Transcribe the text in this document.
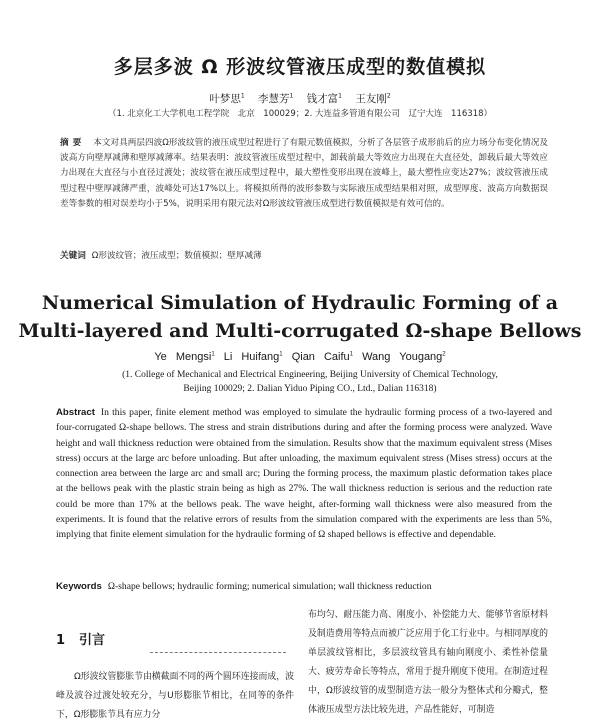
多层多波 Ω 形波纹管液压成型的数值模拟
叶梦思$^1$ 李慧芳$^1$ 钱才富$^1$ 王友刚$^2$
（1. 北京化工大学机电工程学院　北京　100029；2. 大连益多管道有限公司　辽宁大连　116318）
摘要 本文对具两层四波Ω形波纹管的液压成型过程进行了有限元数值模拟，分析了各层管子成形前后的应力场分布变化情况及波高方向壁厚减薄和壁厚减薄率。结果表明：波纹管液压成型过程中，卸载前最大等效应力出现在大直径处，卸载后最大等效应力出现在大直径与小直径过渡处；波纹管在液压成型过程中，最大塑性变形出现在波峰上，最大塑性应变达27%；波纹管液压成型过程中壁厚减薄严重，波峰处可达17%以上。将模拟所得的波形参数与实际液压成型结果相对照，成型厚度、波高方向数据误差等参数的相对误差均小于5%，说明采用有限元法对Ω形波纹管液压成型进行数值模拟是有效可信的。
关键词 Ω形波纹管；液压成型；数值模拟；壁厚减薄
Numerical Simulation of Hydraulic Forming of a
Multi-layered and Multi-corrugated Ω-shape Bellows
Ye Mengsi$^1$ Li Huifang$^1$ Qian Caifu$^1$ Wang Yougang$^2$
(1. College of Mechanical and Electrical Engineering, Beijing University of Chemical Technology, Beijing 100029; 2. Dalian Yiduo Piping CO., Ltd., Dalian 116318)
Abstract In this paper, finite element method was employed to simulate the hydraulic forming process of a two-layered and four-corrugated Ω-shape bellows. The stress and strain distributions during and after the forming process were analyzed. Wave height and wall thickness reduction were obtained from the simulation. Results show that the maximum equivalent stress (Mises stress) occurs at the large arc before unloading. But after unloading, the maximum equivalent stress (Mises stress) occurs at the connection area between the large arc and small arc; During the forming process, the maximum plastic deformation takes place at the bellows peak with the plastic strain being as high as 27%. The wall thickness reduction is serious and the reduction rate could be more than 17% at the bellows peak. The wave height, after-forming wall thickness were also measured from the experiments. It is found that the relative errors of results from the simulation compared with the experiments are less than 5%, implying that finite element simulation for the hydraulic forming of Ω shaped bellows is effective and dependable.
Keywords Ω-shape bellows; hydraulic forming; numerical simulation; wall thickness reduction
1 引言
Ω形波纹管膨胀节由横截面不同的两个圆环连接而成，波峰及波谷过渡处较充分，与U形膨胀节相比，在同等的条件下，Ω形膨胀节具有应力分
布均匀、耐压能力高、刚度小、补偿能力大、能够节省原材料及制造费用等特点而被广泛应用于化工行业中。与相同厚度的单层波纹管相比，多层波纹管具有轴向刚度小、柔性补偿量大、疲劳寿命长等特点，常用于提升刚度下使用。在制造过程中，Ω形波纹管的成型制造方法一般分为整体式和分瓣式，整体液压成型方法比较先进，产品性能好，可制造
